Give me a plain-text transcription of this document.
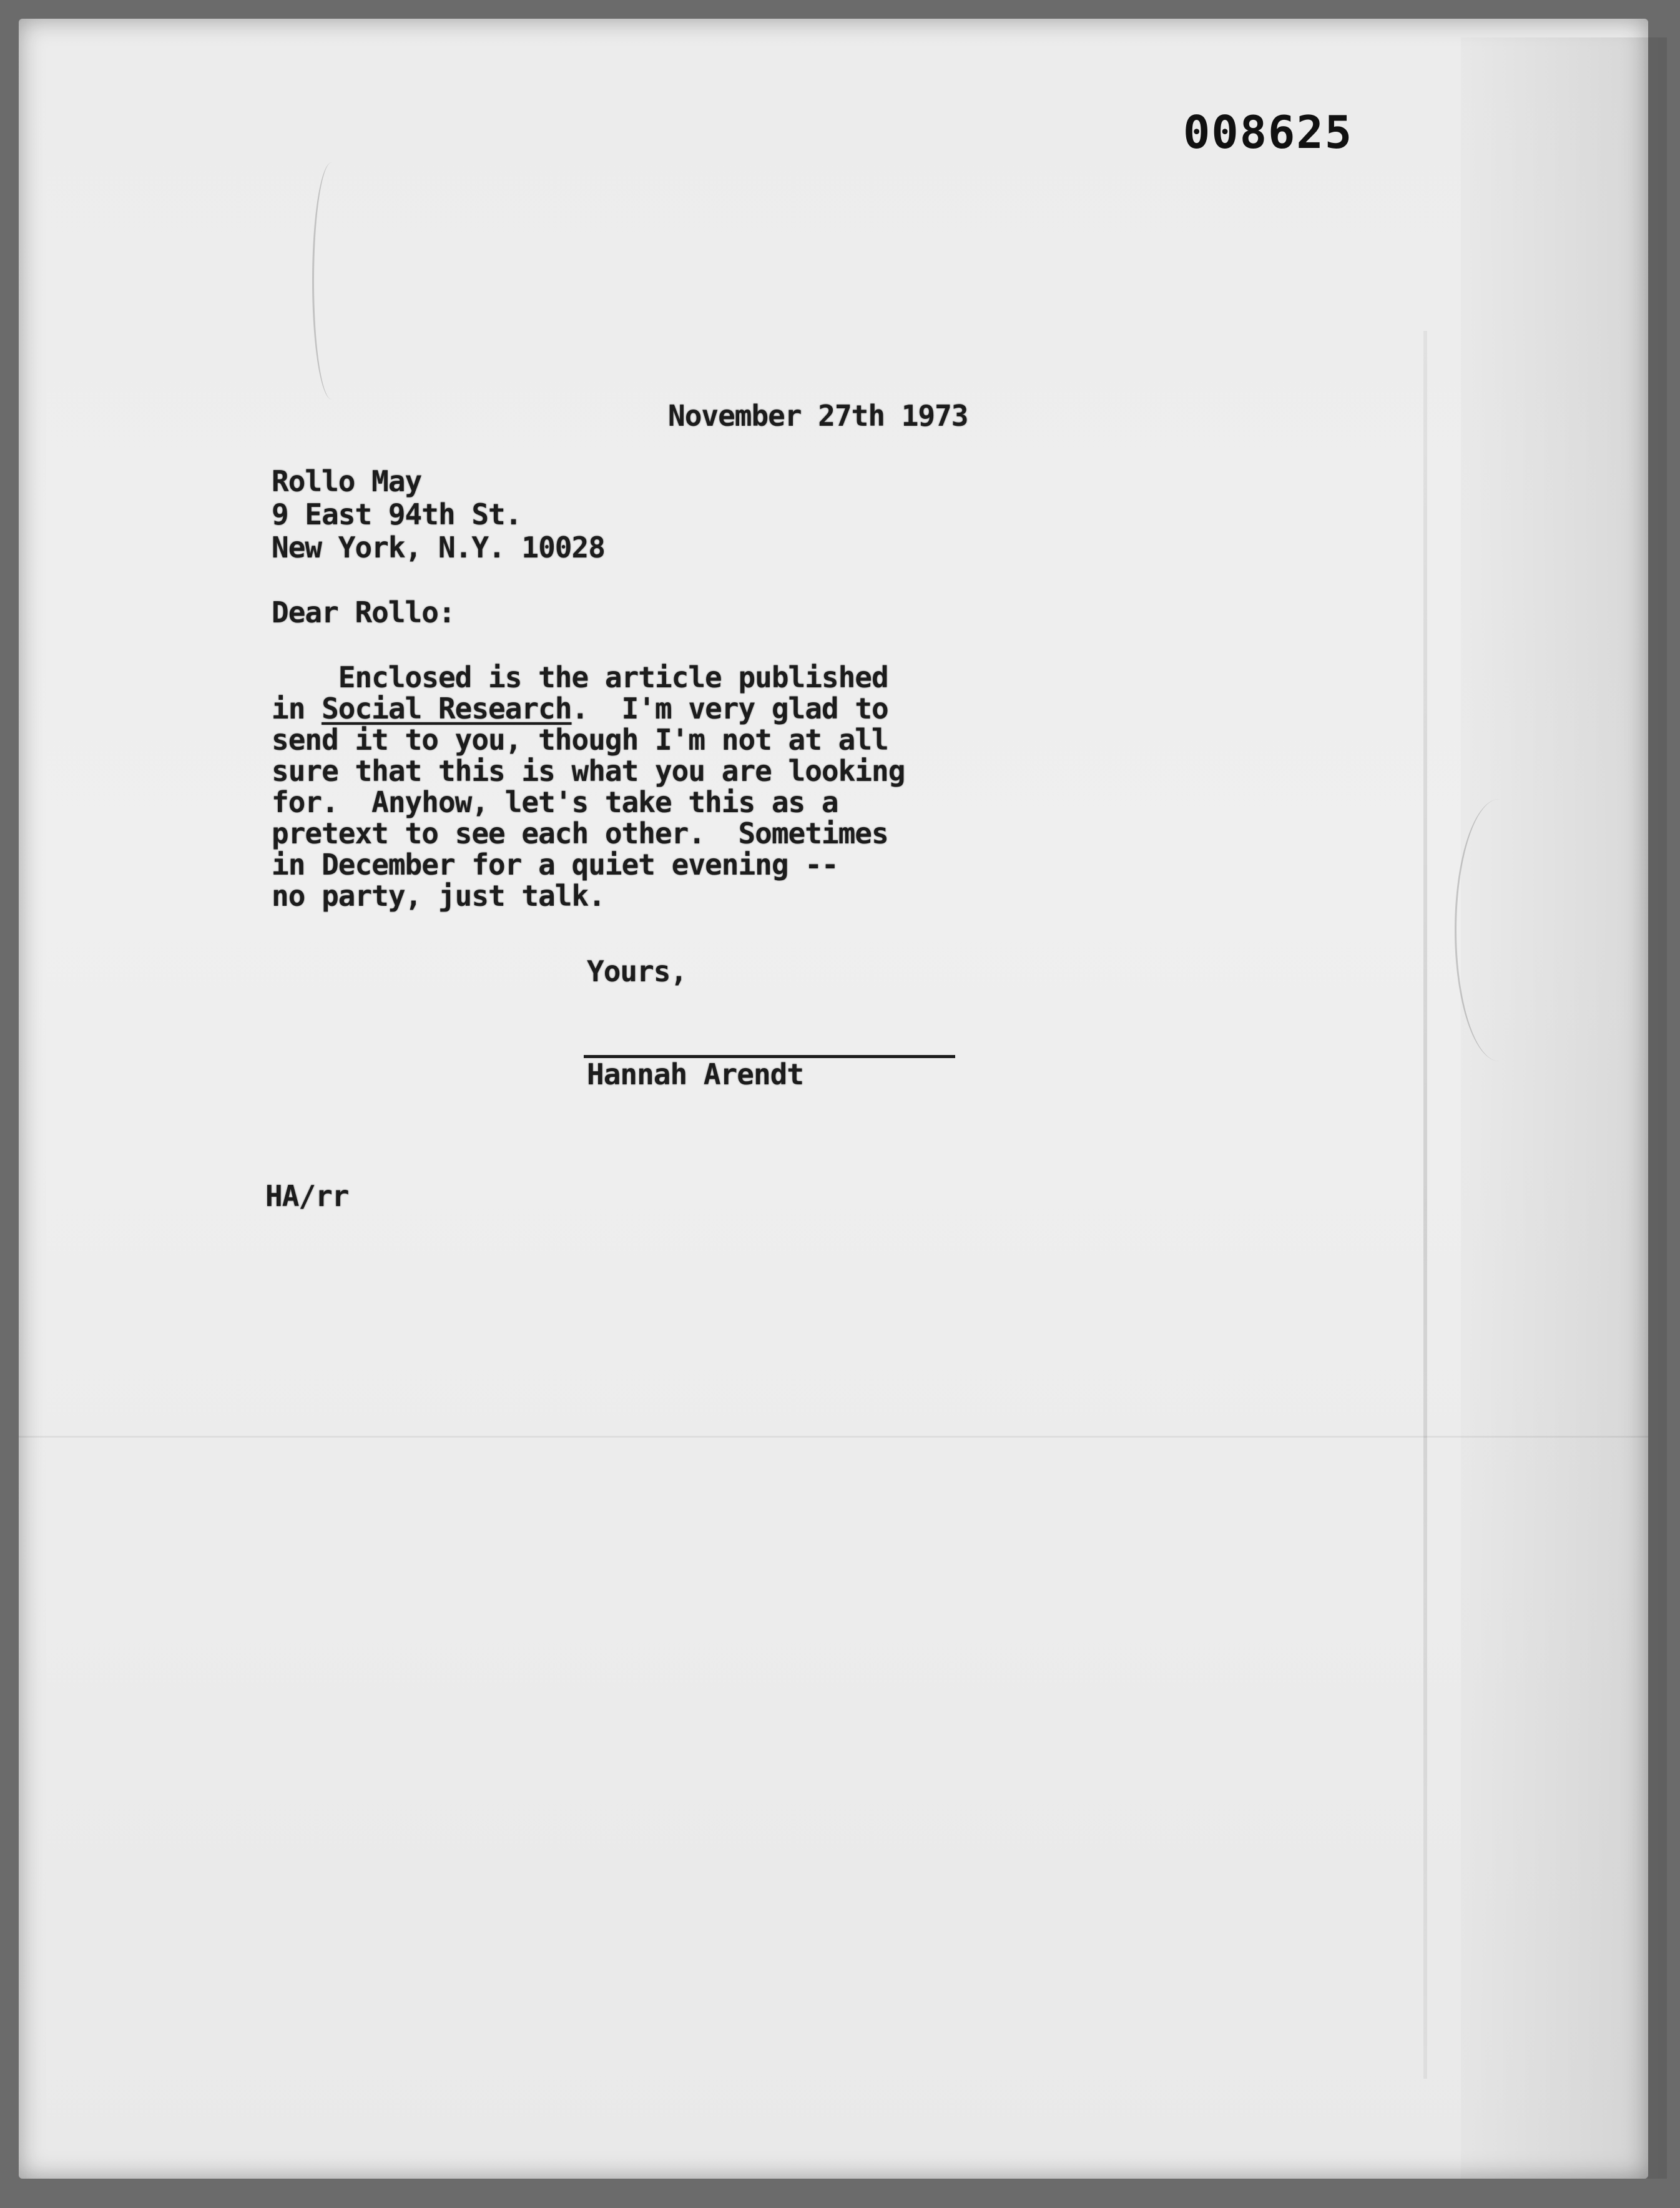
008625
November 27th 1973
Rollo May
9 East 94th St.
New York, N.Y. 10028
Dear Rollo:
Enclosed is the article published
in Social Research.  I'm very glad to
send it to you, though I'm not at all
sure that this is what you are looking
for.  Anyhow, let's take this as a
pretext to see each other.  Sometimes
in December for a quiet evening --
no party, just talk.
Yours,
Hannah Arendt
HA/rr
